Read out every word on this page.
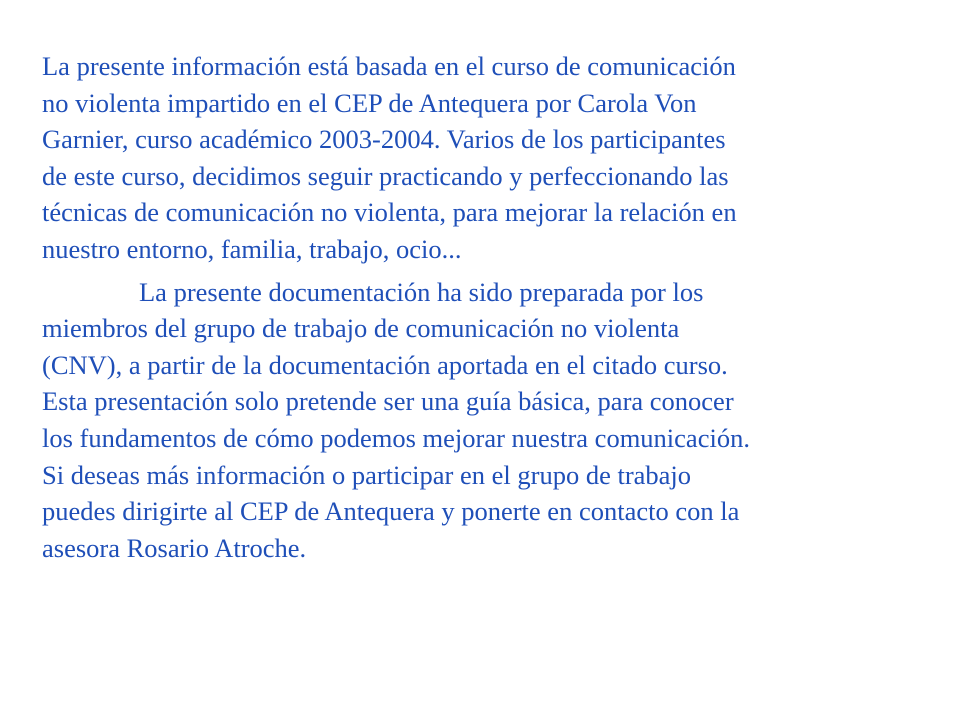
La presente información está basada en el curso de comunicación
no violenta impartido en el CEP de Antequera por Carola Von
Garnier, curso académico 2003-2004. Varios de los participantes
de este curso, decidimos seguir practicando y perfeccionando las
técnicas de comunicación no violenta, para mejorar la relación en
nuestro entorno, familia, trabajo, ocio...

La presente documentación ha sido preparada por los
miembros del grupo de trabajo de comunicación no violenta
(CNV), a partir de la documentación aportada en el citado curso.
Esta presentación solo pretende ser una guía básica, para conocer
los fundamentos de cómo podemos mejorar nuestra comunicación.
Si deseas más información o participar en el grupo de trabajo
puedes dirigirte al CEP de Antequera y ponerte en contacto con la
asesora Rosario Atroche.
